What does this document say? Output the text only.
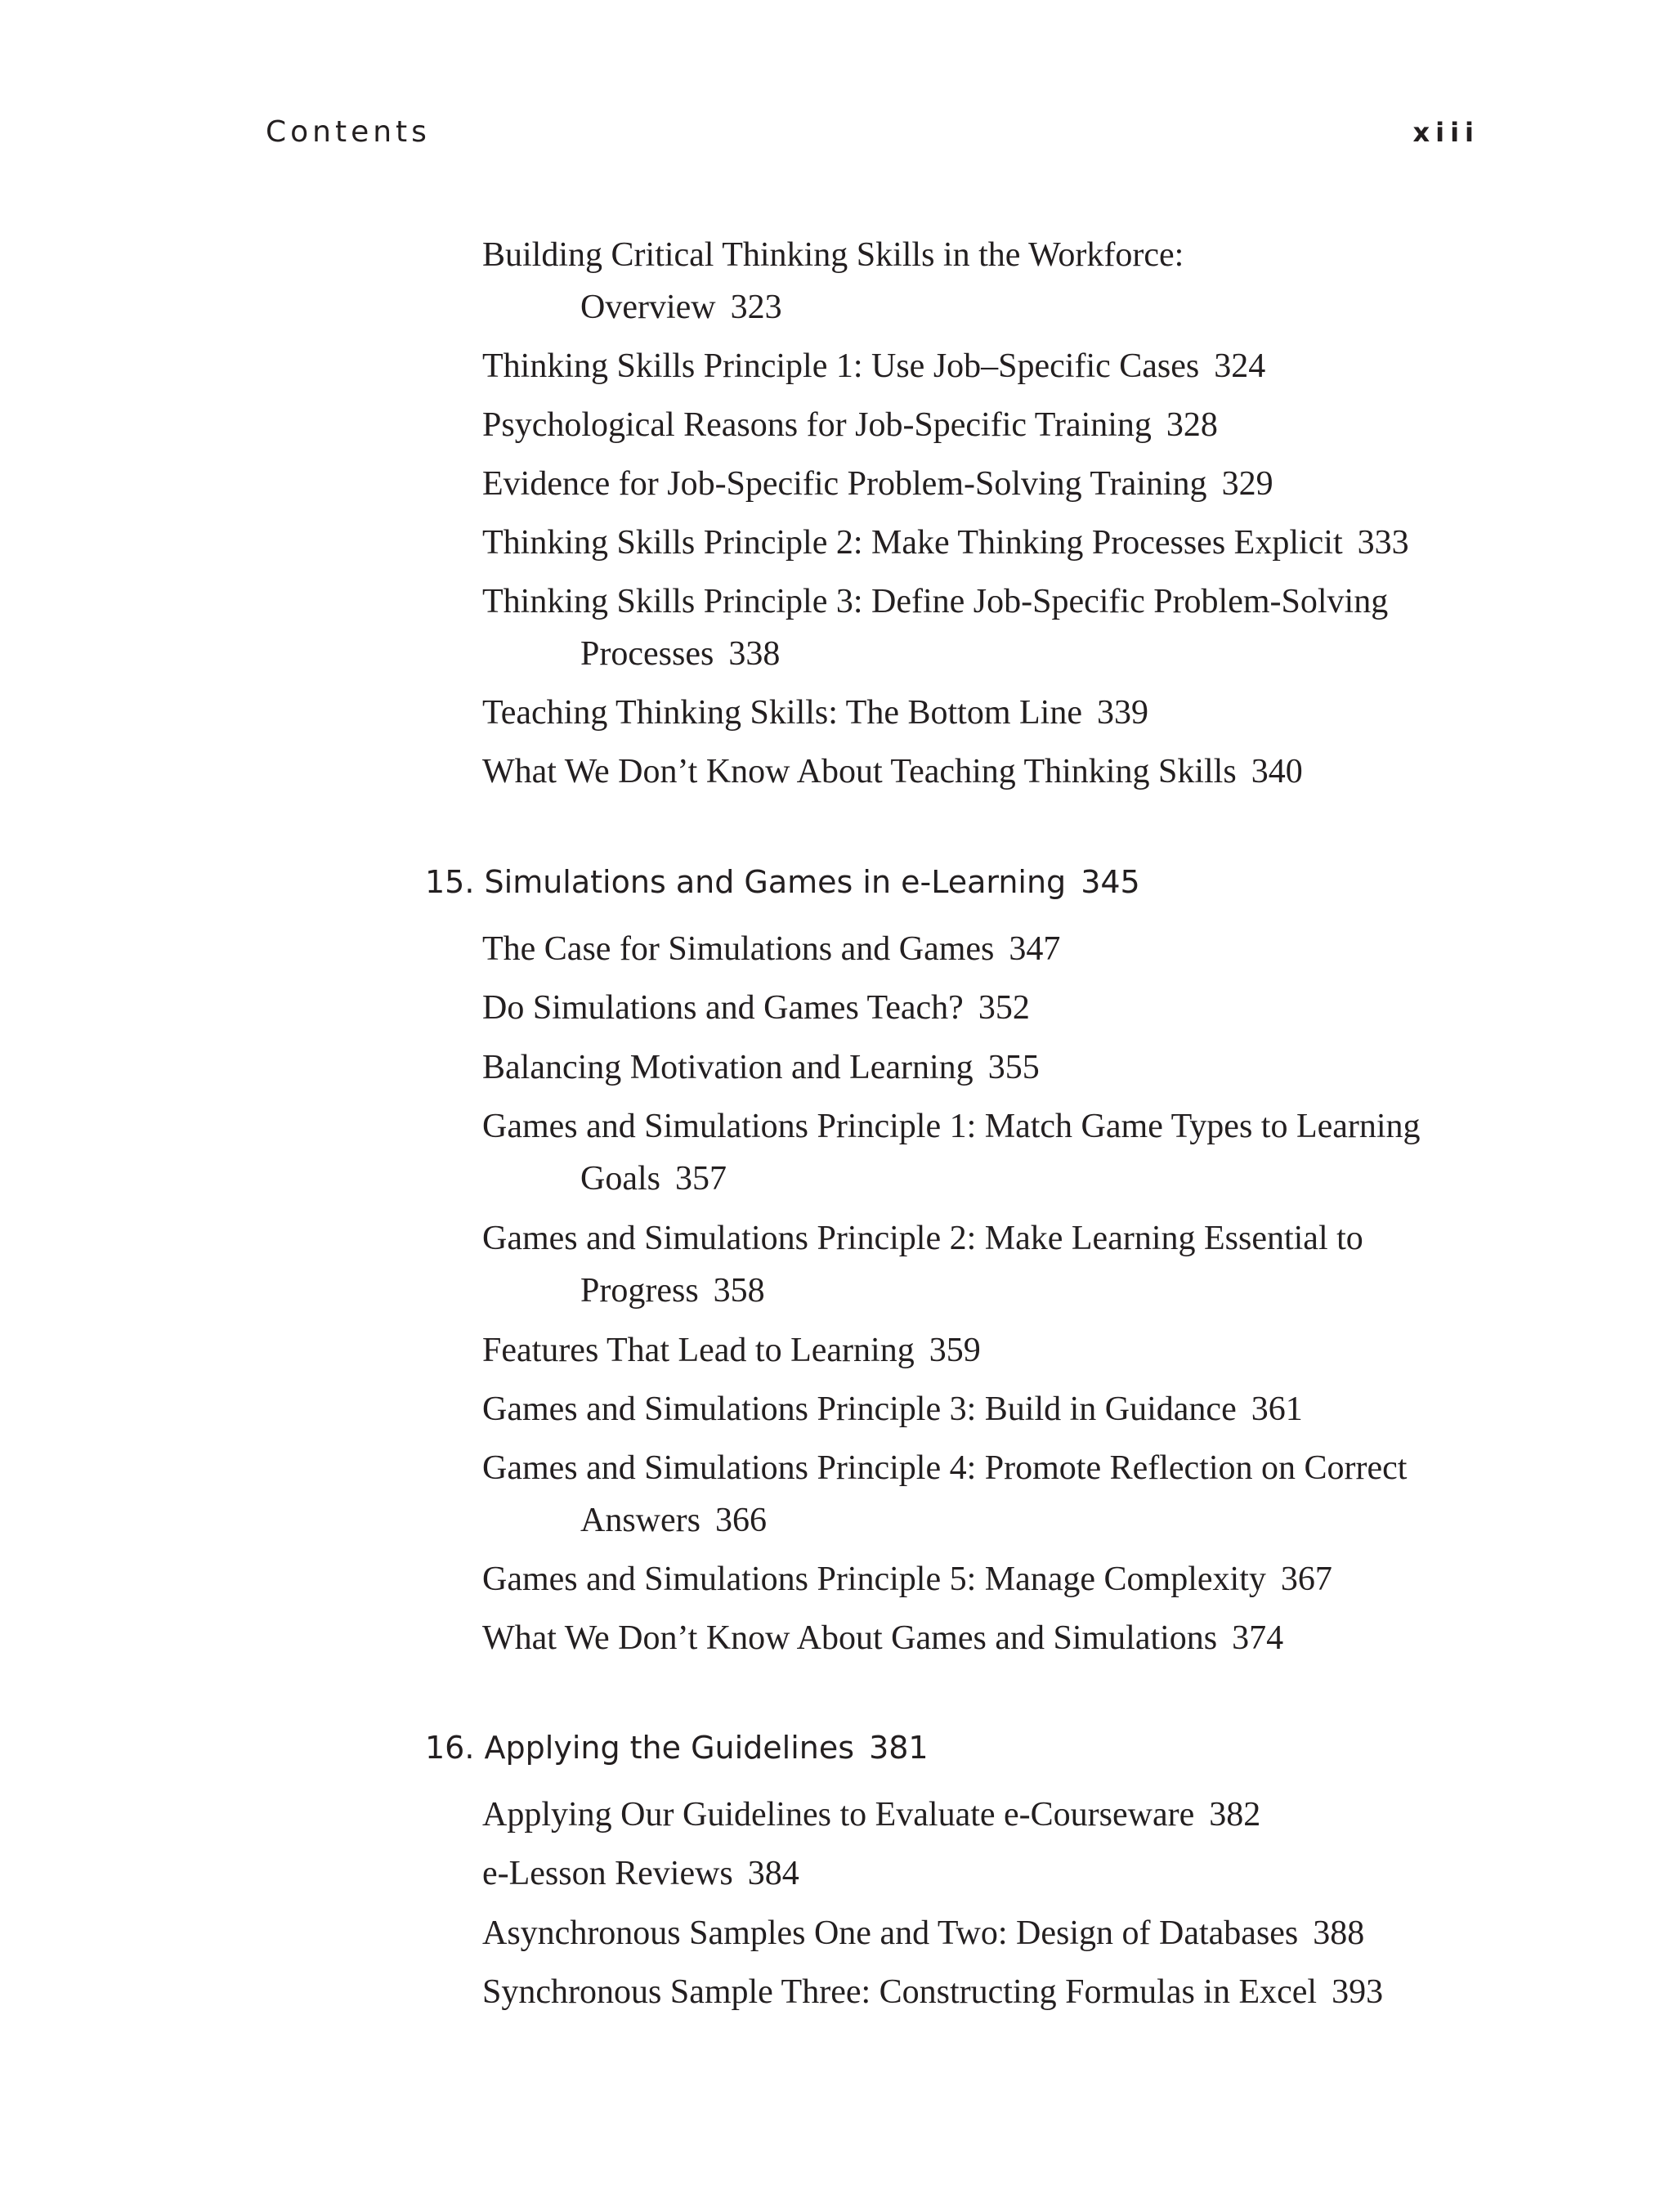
Contents	xiii
Building Critical Thinking Skills in the Workforce:
Overview 323
Thinking Skills Principle 1: Use Job–Specific Cases 324
Psychological Reasons for Job-Specific Training 328
Evidence for Job-Specific Problem-Solving Training 329
Thinking Skills Principle 2: Make Thinking Processes Explicit 333
Thinking Skills Principle 3: Define Job-Specific Problem-Solving
Processes 338
Teaching Thinking Skills: The Bottom Line 339
What We Don’t Know About Teaching Thinking Skills 340
15. Simulations and Games in e-Learning 345
The Case for Simulations and Games 347
Do Simulations and Games Teach? 352
Balancing Motivation and Learning 355
Games and Simulations Principle 1: Match Game Types to Learning
Goals 357
Games and Simulations Principle 2: Make Learning Essential to
Progress 358
Features That Lead to Learning 359
Games and Simulations Principle 3: Build in Guidance 361
Games and Simulations Principle 4: Promote Reflection on Correct
Answers 366
Games and Simulations Principle 5: Manage Complexity 367
What We Don’t Know About Games and Simulations 374
16. Applying the Guidelines 381
Applying Our Guidelines to Evaluate e-Courseware 382
e-Lesson Reviews 384
Asynchronous Samples One and Two: Design of Databases 388
Synchronous Sample Three: Constructing Formulas in Excel 393
